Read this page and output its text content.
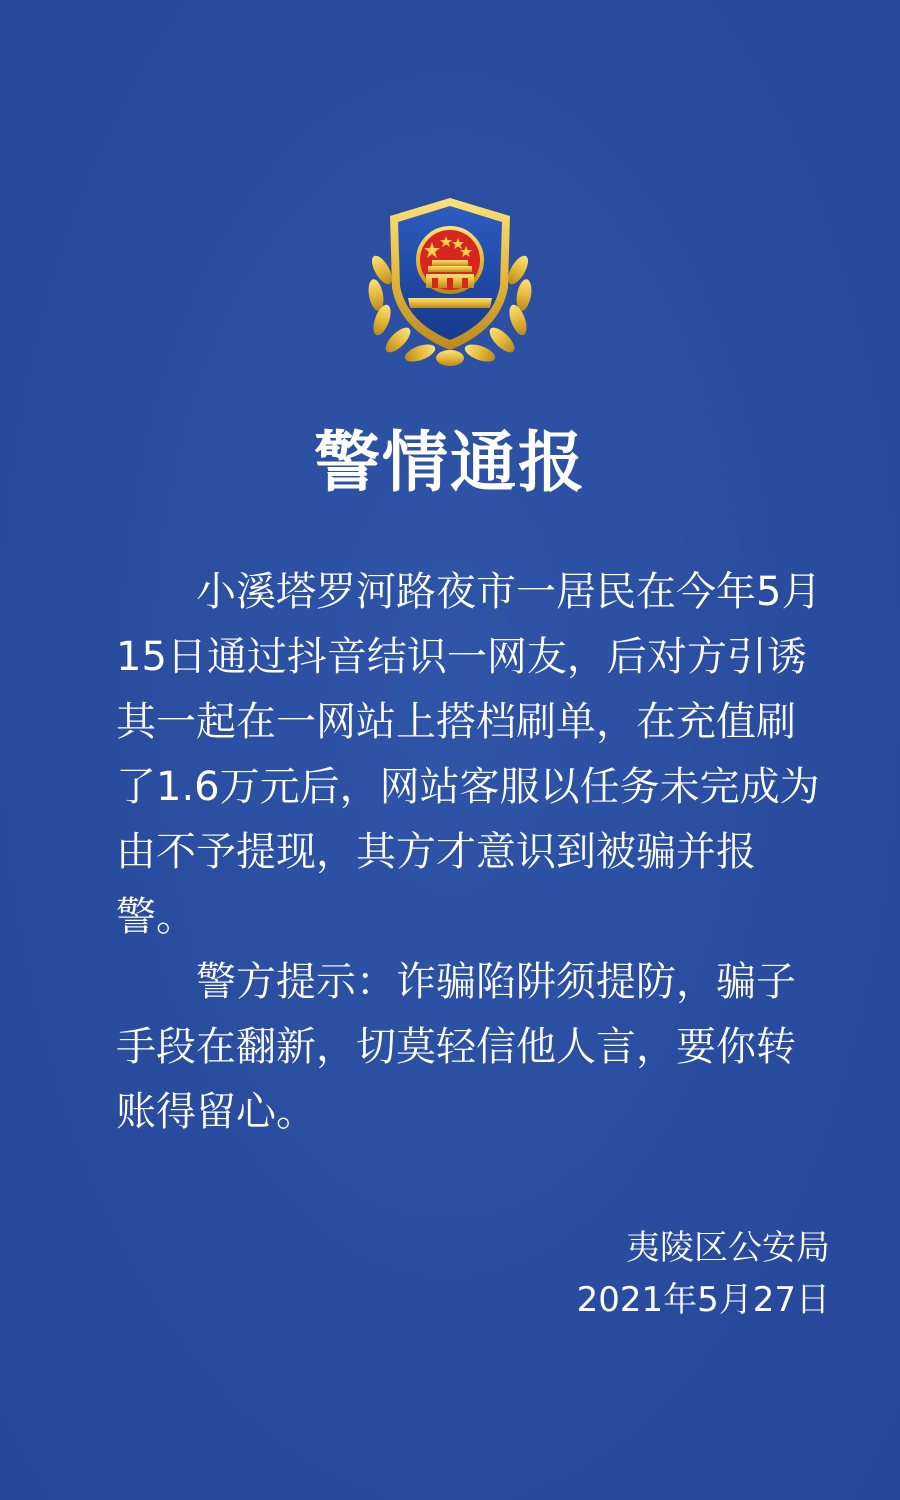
警情通报

小溪塔罗河路夜市一居民在今年5月15日通过抖音结识一网友，后对方引诱其一起在一网站上搭档刷单，在充值刷了1.6万元后，网站客服以任务未完成为由不予提现，其方才意识到被骗并报警。

警方提示：诈骗陷阱须提防，骗子手段在翻新，切莫轻信他人言，要你转账得留心。

夷陵区公安局
2021年5月27日
